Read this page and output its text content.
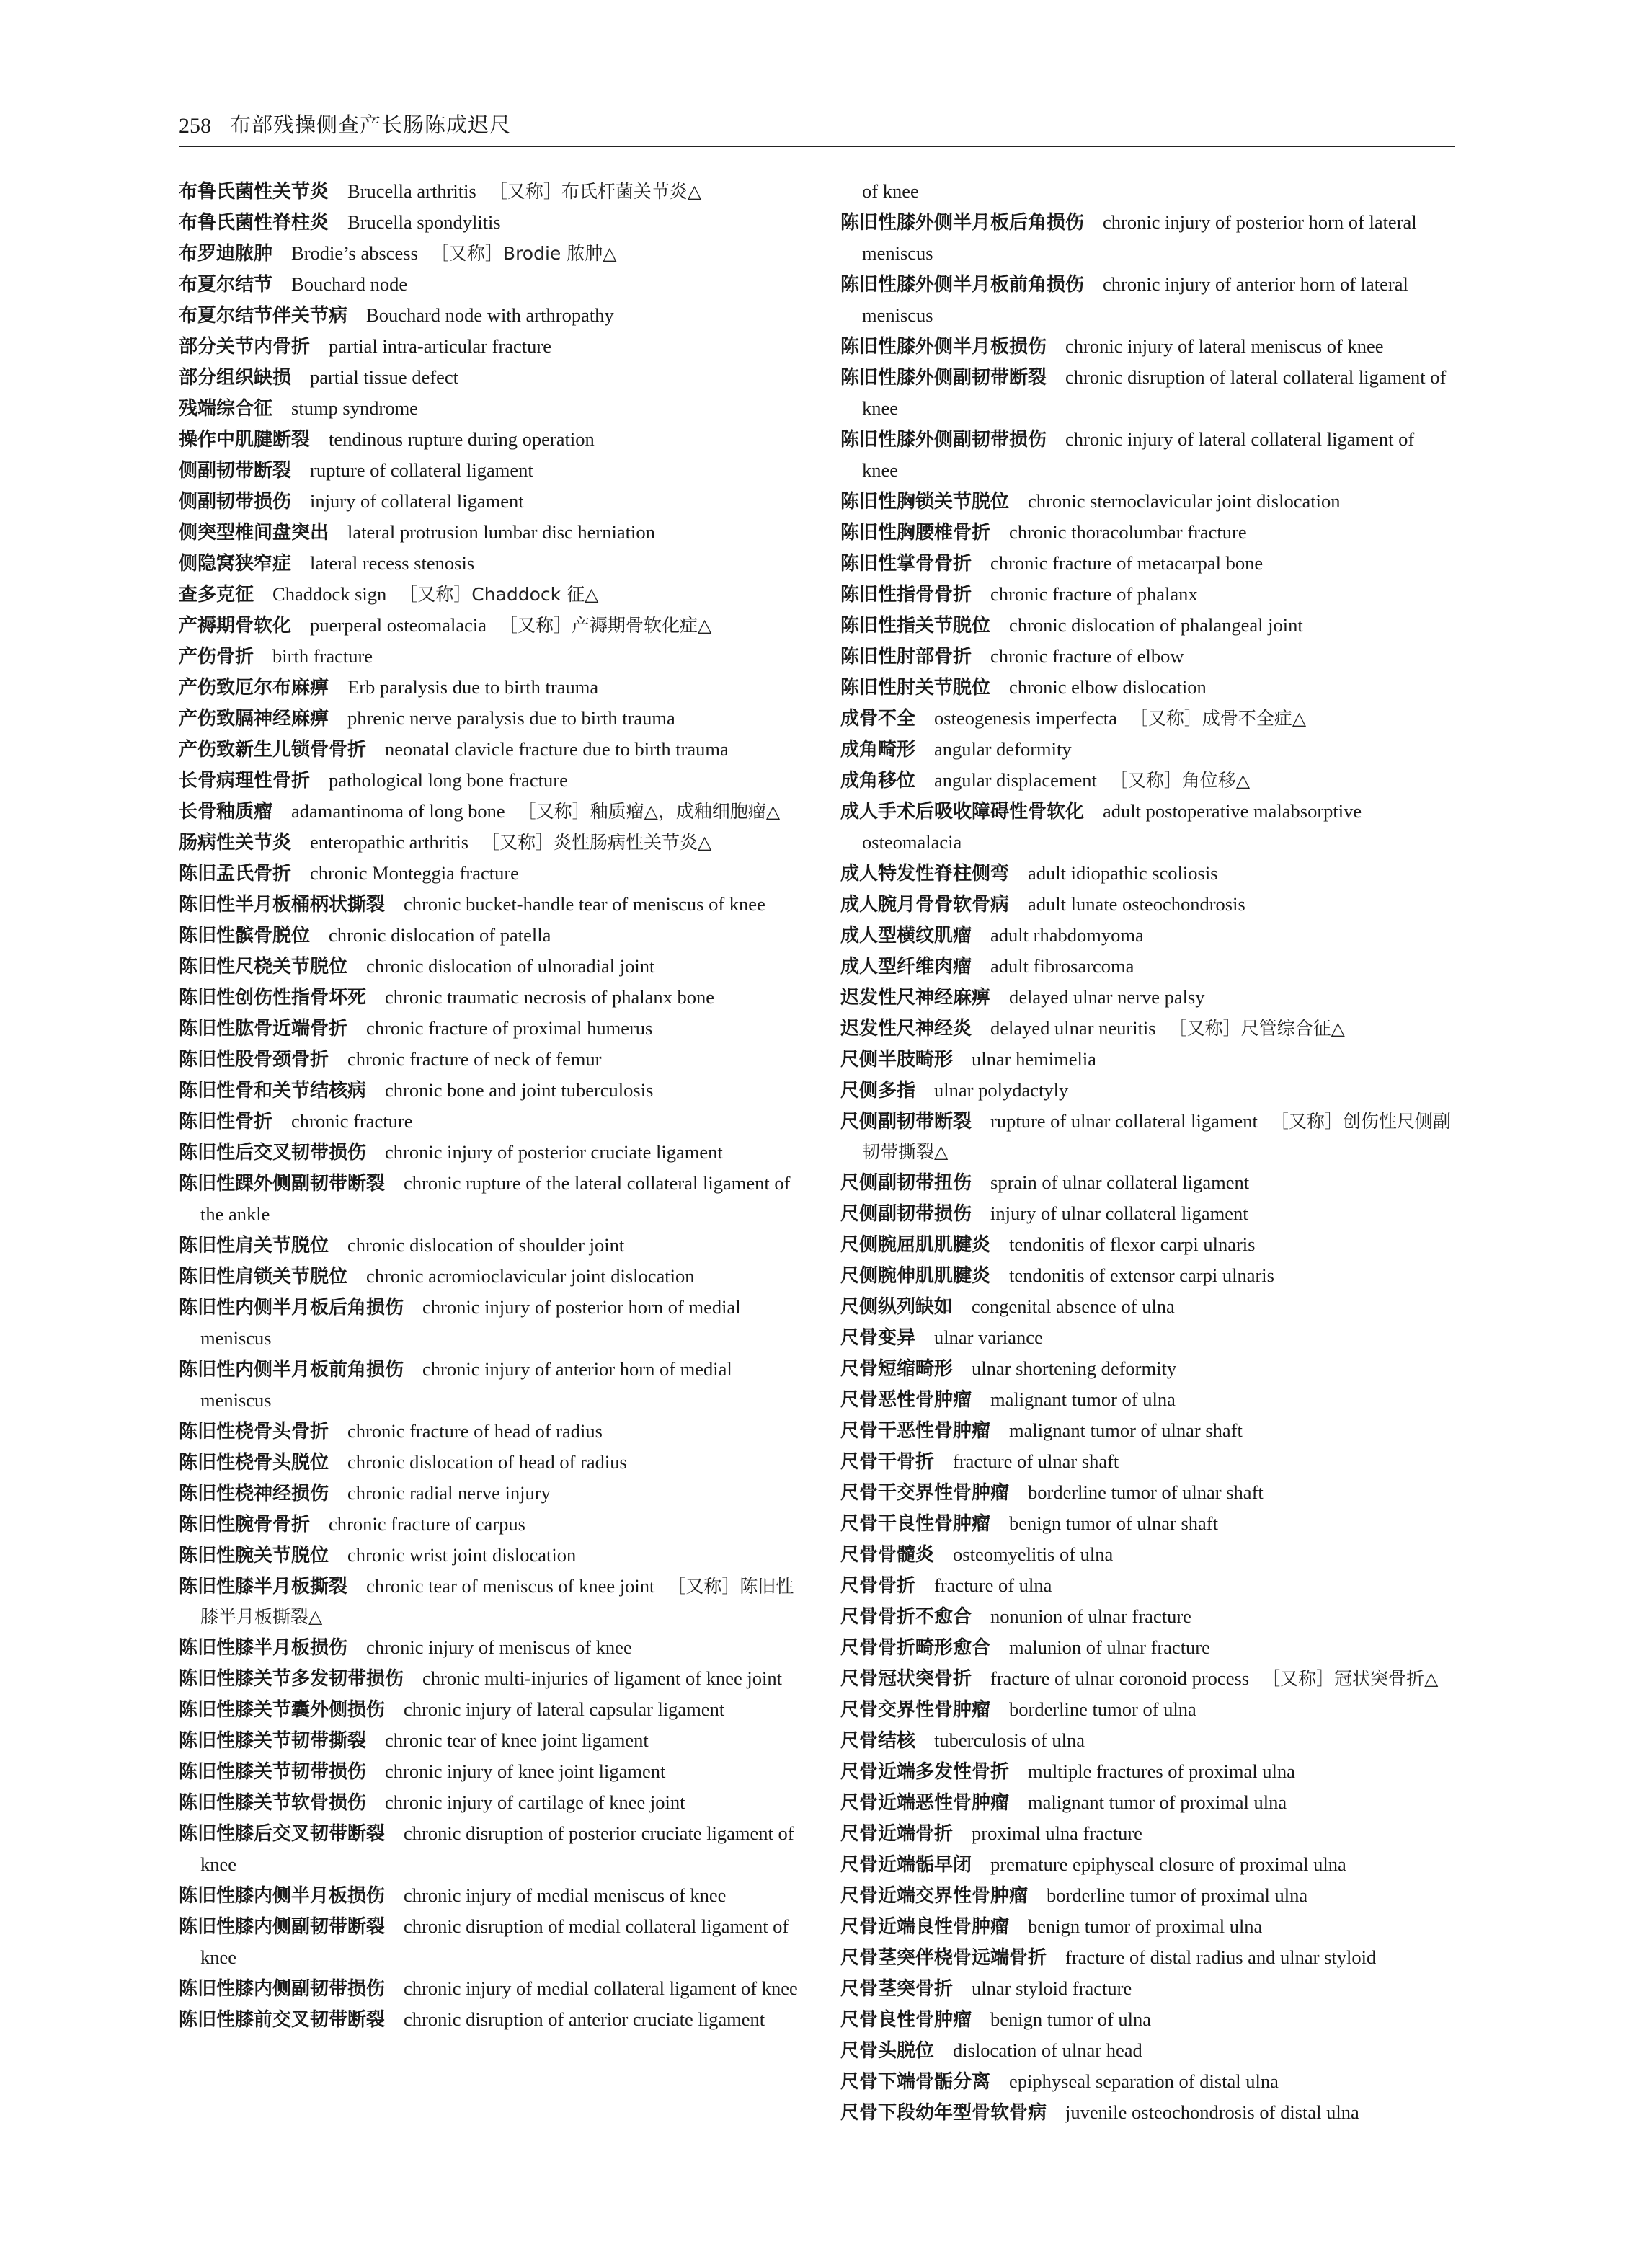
258 布部残操侧查产长肠陈成迟尺

布鲁氏菌性关节炎 Brucella arthritis ［又称］布氏杆菌关节炎△

布鲁氏菌性脊柱炎 Brucella spondylitis

布罗迪脓肿 Brodie’s abscess ［又称］Brodie 脓肿△

布夏尔结节 Bouchard node

布夏尔结节伴关节病 Bouchard node with arthropathy

部分关节内骨折 partial intra-articular fracture

部分组织缺损 partial tissue defect

残端综合征 stump syndrome

操作中肌腱断裂 tendinous rupture during operation

侧副韧带断裂 rupture of collateral ligament

侧副韧带损伤 injury of collateral ligament

侧突型椎间盘突出 lateral protrusion lumbar disc herniation

侧隐窝狭窄症 lateral recess stenosis

查多克征 Chaddock sign ［又称］Chaddock 征△

产褥期骨软化 puerperal osteomalacia ［又称］产褥期骨软化症△

产伤骨折 birth fracture

产伤致厄尔布麻痹 Erb paralysis due to birth trauma

产伤致膈神经麻痹 phrenic nerve paralysis due to birth trauma

产伤致新生儿锁骨骨折 neonatal clavicle fracture due to birth trauma

长骨病理性骨折 pathological long bone fracture

长骨釉质瘤 adamantinoma of long bone ［又称］釉质瘤△，成釉细胞瘤△

肠病性关节炎 enteropathic arthritis ［又称］炎性肠病性关节炎△

陈旧孟氏骨折 chronic Monteggia fracture

陈旧性半月板桶柄状撕裂 chronic bucket-handle tear of meniscus of knee

陈旧性髌骨脱位 chronic dislocation of patella

陈旧性尺桡关节脱位 chronic dislocation of ulnoradial joint

陈旧性创伤性指骨坏死 chronic traumatic necrosis of phalanx bone

陈旧性肱骨近端骨折 chronic fracture of proximal humerus

陈旧性股骨颈骨折 chronic fracture of neck of femur

陈旧性骨和关节结核病 chronic bone and joint tuberculosis

陈旧性骨折 chronic fracture

陈旧性后交叉韧带损伤 chronic injury of posterior cruciate ligament

陈旧性踝外侧副韧带断裂 chronic rupture of the lateral collateral ligament of the ankle

陈旧性肩关节脱位 chronic dislocation of shoulder joint

陈旧性肩锁关节脱位 chronic acromioclavicular joint dislocation

陈旧性内侧半月板后角损伤 chronic injury of posterior horn of medial meniscus

陈旧性内侧半月板前角损伤 chronic injury of anterior horn of medial meniscus

陈旧性桡骨头骨折 chronic fracture of head of radius

陈旧性桡骨头脱位 chronic dislocation of head of radius

陈旧性桡神经损伤 chronic radial nerve injury

陈旧性腕骨骨折 chronic fracture of carpus

陈旧性腕关节脱位 chronic wrist joint dislocation

陈旧性膝半月板撕裂 chronic tear of meniscus of knee joint ［又称］陈旧性膝半月板撕裂△

陈旧性膝半月板损伤 chronic injury of meniscus of knee

陈旧性膝关节多发韧带损伤 chronic multi-injuries of ligament of knee joint

陈旧性膝关节囊外侧损伤 chronic injury of lateral capsular ligament

陈旧性膝关节韧带撕裂 chronic tear of knee joint ligament

陈旧性膝关节韧带损伤 chronic injury of knee joint ligament

陈旧性膝关节软骨损伤 chronic injury of cartilage of knee joint

陈旧性膝后交叉韧带断裂 chronic disruption of posterior cruciate ligament of knee

陈旧性膝内侧半月板损伤 chronic injury of medial meniscus of knee

陈旧性膝内侧副韧带断裂 chronic disruption of medial collateral ligament of knee

陈旧性膝内侧副韧带损伤 chronic injury of medial collateral ligament of knee

陈旧性膝前交叉韧带断裂 chronic disruption of anterior cruciate ligament

of knee

陈旧性膝外侧半月板后角损伤 chronic injury of posterior horn of lateral meniscus

陈旧性膝外侧半月板前角损伤 chronic injury of anterior horn of lateral meniscus

陈旧性膝外侧半月板损伤 chronic injury of lateral meniscus of knee

陈旧性膝外侧副韧带断裂 chronic disruption of lateral collateral ligament of knee

陈旧性膝外侧副韧带损伤 chronic injury of lateral collateral ligament of knee

陈旧性胸锁关节脱位 chronic sternoclavicular joint dislocation

陈旧性胸腰椎骨折 chronic thoracolumbar fracture

陈旧性掌骨骨折 chronic fracture of metacarpal bone

陈旧性指骨骨折 chronic fracture of phalanx

陈旧性指关节脱位 chronic dislocation of phalangeal joint

陈旧性肘部骨折 chronic fracture of elbow

陈旧性肘关节脱位 chronic elbow dislocation

成骨不全 osteogenesis imperfecta ［又称］成骨不全症△

成角畸形 angular deformity

成角移位 angular displacement ［又称］角位移△

成人手术后吸收障碍性骨软化 adult postoperative malabsorptive osteomalacia

成人特发性脊柱侧弯 adult idiopathic scoliosis

成人腕月骨骨软骨病 adult lunate osteochondrosis

成人型横纹肌瘤 adult rhabdomyoma

成人型纤维肉瘤 adult fibrosarcoma

迟发性尺神经麻痹 delayed ulnar nerve palsy

迟发性尺神经炎 delayed ulnar neuritis ［又称］尺管综合征△

尺侧半肢畸形 ulnar hemimelia

尺侧多指 ulnar polydactyly

尺侧副韧带断裂 rupture of ulnar collateral ligament ［又称］创伤性尺侧副韧带撕裂△

尺侧副韧带扭伤 sprain of ulnar collateral ligament

尺侧副韧带损伤 injury of ulnar collateral ligament

尺侧腕屈肌肌腱炎 tendonitis of flexor carpi ulnaris

尺侧腕伸肌肌腱炎 tendonitis of extensor carpi ulnaris

尺侧纵列缺如 congenital absence of ulna

尺骨变异 ulnar variance

尺骨短缩畸形 ulnar shortening deformity

尺骨恶性骨肿瘤 malignant tumor of ulna

尺骨干恶性骨肿瘤 malignant tumor of ulnar shaft

尺骨干骨折 fracture of ulnar shaft

尺骨干交界性骨肿瘤 borderline tumor of ulnar shaft

尺骨干良性骨肿瘤 benign tumor of ulnar shaft

尺骨骨髓炎 osteomyelitis of ulna

尺骨骨折 fracture of ulna

尺骨骨折不愈合 nonunion of ulnar fracture

尺骨骨折畸形愈合 malunion of ulnar fracture

尺骨冠状突骨折 fracture of ulnar coronoid process ［又称］冠状突骨折△

尺骨交界性骨肿瘤 borderline tumor of ulna

尺骨结核 tuberculosis of ulna

尺骨近端多发性骨折 multiple fractures of proximal ulna

尺骨近端恶性骨肿瘤 malignant tumor of proximal ulna

尺骨近端骨折 proximal ulna fracture

尺骨近端骺早闭 premature epiphyseal closure of proximal ulna

尺骨近端交界性骨肿瘤 borderline tumor of proximal ulna

尺骨近端良性骨肿瘤 benign tumor of proximal ulna

尺骨茎突伴桡骨远端骨折 fracture of distal radius and ulnar styloid

尺骨茎突骨折 ulnar styloid fracture

尺骨良性骨肿瘤 benign tumor of ulna

尺骨头脱位 dislocation of ulnar head

尺骨下端骨骺分离 epiphyseal separation of distal ulna

尺骨下段幼年型骨软骨病 juvenile osteochondrosis of distal ulna
